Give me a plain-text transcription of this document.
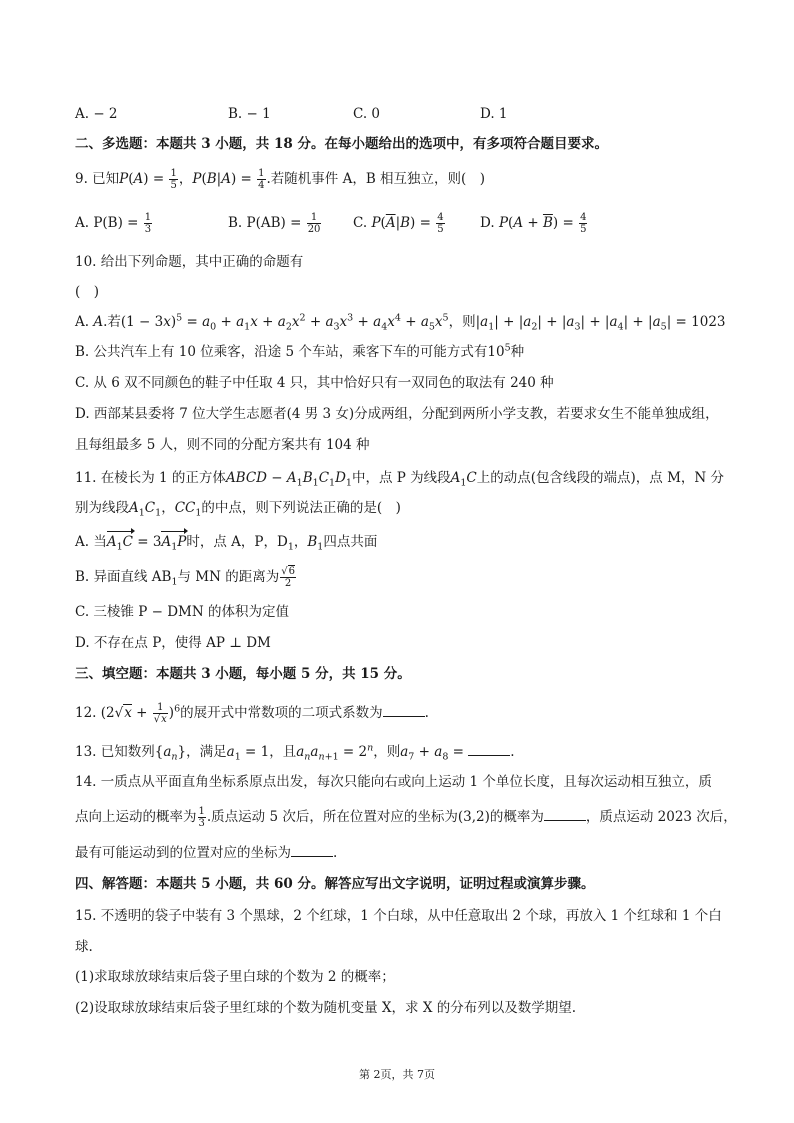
A. − 2	B. − 1	C. 0	D. 1
二、多选题：本题共 3 小题，共 18 分。在每小题给出的选项中，有多项符合题目要求。
9. 已知$P(A) = \frac{1}{5}$ ，$P(B|A) = \frac{1}{4}$ .若随机事件 A，B 相互独立，则(　)
A. $P(B) = \frac{1}{3}$	B. $P(AB) = \frac{1}{20} C$. $P(\overline{A}|B) = \frac{4}{5}$	D. $P(A + \overline{B}) = \frac{4}{5}$
10. 给出下列命题，其中正确的命题有
(　)
A. A.若$(1 - 3x)^5 = a_0 + a_1x + a_2x^2 + a_3x^3 + a_4x^4 + a_5x^5$，则$|a_1| + |a_2| + |a_3| + |a_4| + |a_5| = 1023$
B. 公共汽车上有 10 位乘客，沿途 5 个车站，乘客下车的可能方式有$10^5$种
C. 从 6 双不同颜色的鞋子中任取 4 只，其中恰好只有一双同色的取法有 240 种
D. 西部某县委将 7 位大学生志愿者(4 男 3 女)分成两组，分配到两所小学支教，若要求女生不能单独成组，
且每组最多 5 人，则不同的分配方案共有 104 种
11. 在棱长为 1 的正方体ABCD − $A_1B_1C_1D_1$中，点 P 为线段$A_1C$上的动点(包含线段的端点)，点 M，N 分
别为线段$A_1C_1$，$CC_1$的中点，则下列说法正确的是(　)
A. 当$A_1C = 3A_1P$时，点 A，P，$D_1$，$B_1$四点共面
B. 异面直线 $AB_1$与 MN 的距离为 $\frac{√6}{2}$
C. 三棱锥 P − DMN 的体积为定值
D. 不存在点 P，使得 AP ⊥ DM
三、填空题：本题共 3 小题，每小题 5 分，共 15 分。
12. $(2√x + \frac{1}{√x} )^6$的展开式中常数项的二项式系数为	.
13. 已知数列$\{a_n\}$，满足$a_1 = 1$，且$a_na_{n+1} = 2^n$，则$a_7 + a_8$ =	.
14. 一质点从平面直角坐标系原点出发，每次只能向右或向上运动 1 个单位长度，且每次运动相互独立，质
点向上运动的概率为 $\frac{1}{3}$ .质点运动 5 次后，所在位置对应的坐标为(3,2)的概率为	，质点运动 2023 次后，
最有可能运动到的位置对应的坐标为	.
四、解答题：本题共 5 小题，共 60 分。解答应写出文字说明，证明过程或演算步骤。
15. 不透明的袋子中装有 3 个黑球，2 个红球，1 个白球，从中任意取出 2 个球，再放入 1 个红球和 1 个白
球.
(1)求取球放球结束后袋子里白球的个数为 2 的概率；
(2)设取球放球结束后袋子里红球的个数为随机变量 X，求 X 的分布列以及数学期望.
第 2页，共 7页
